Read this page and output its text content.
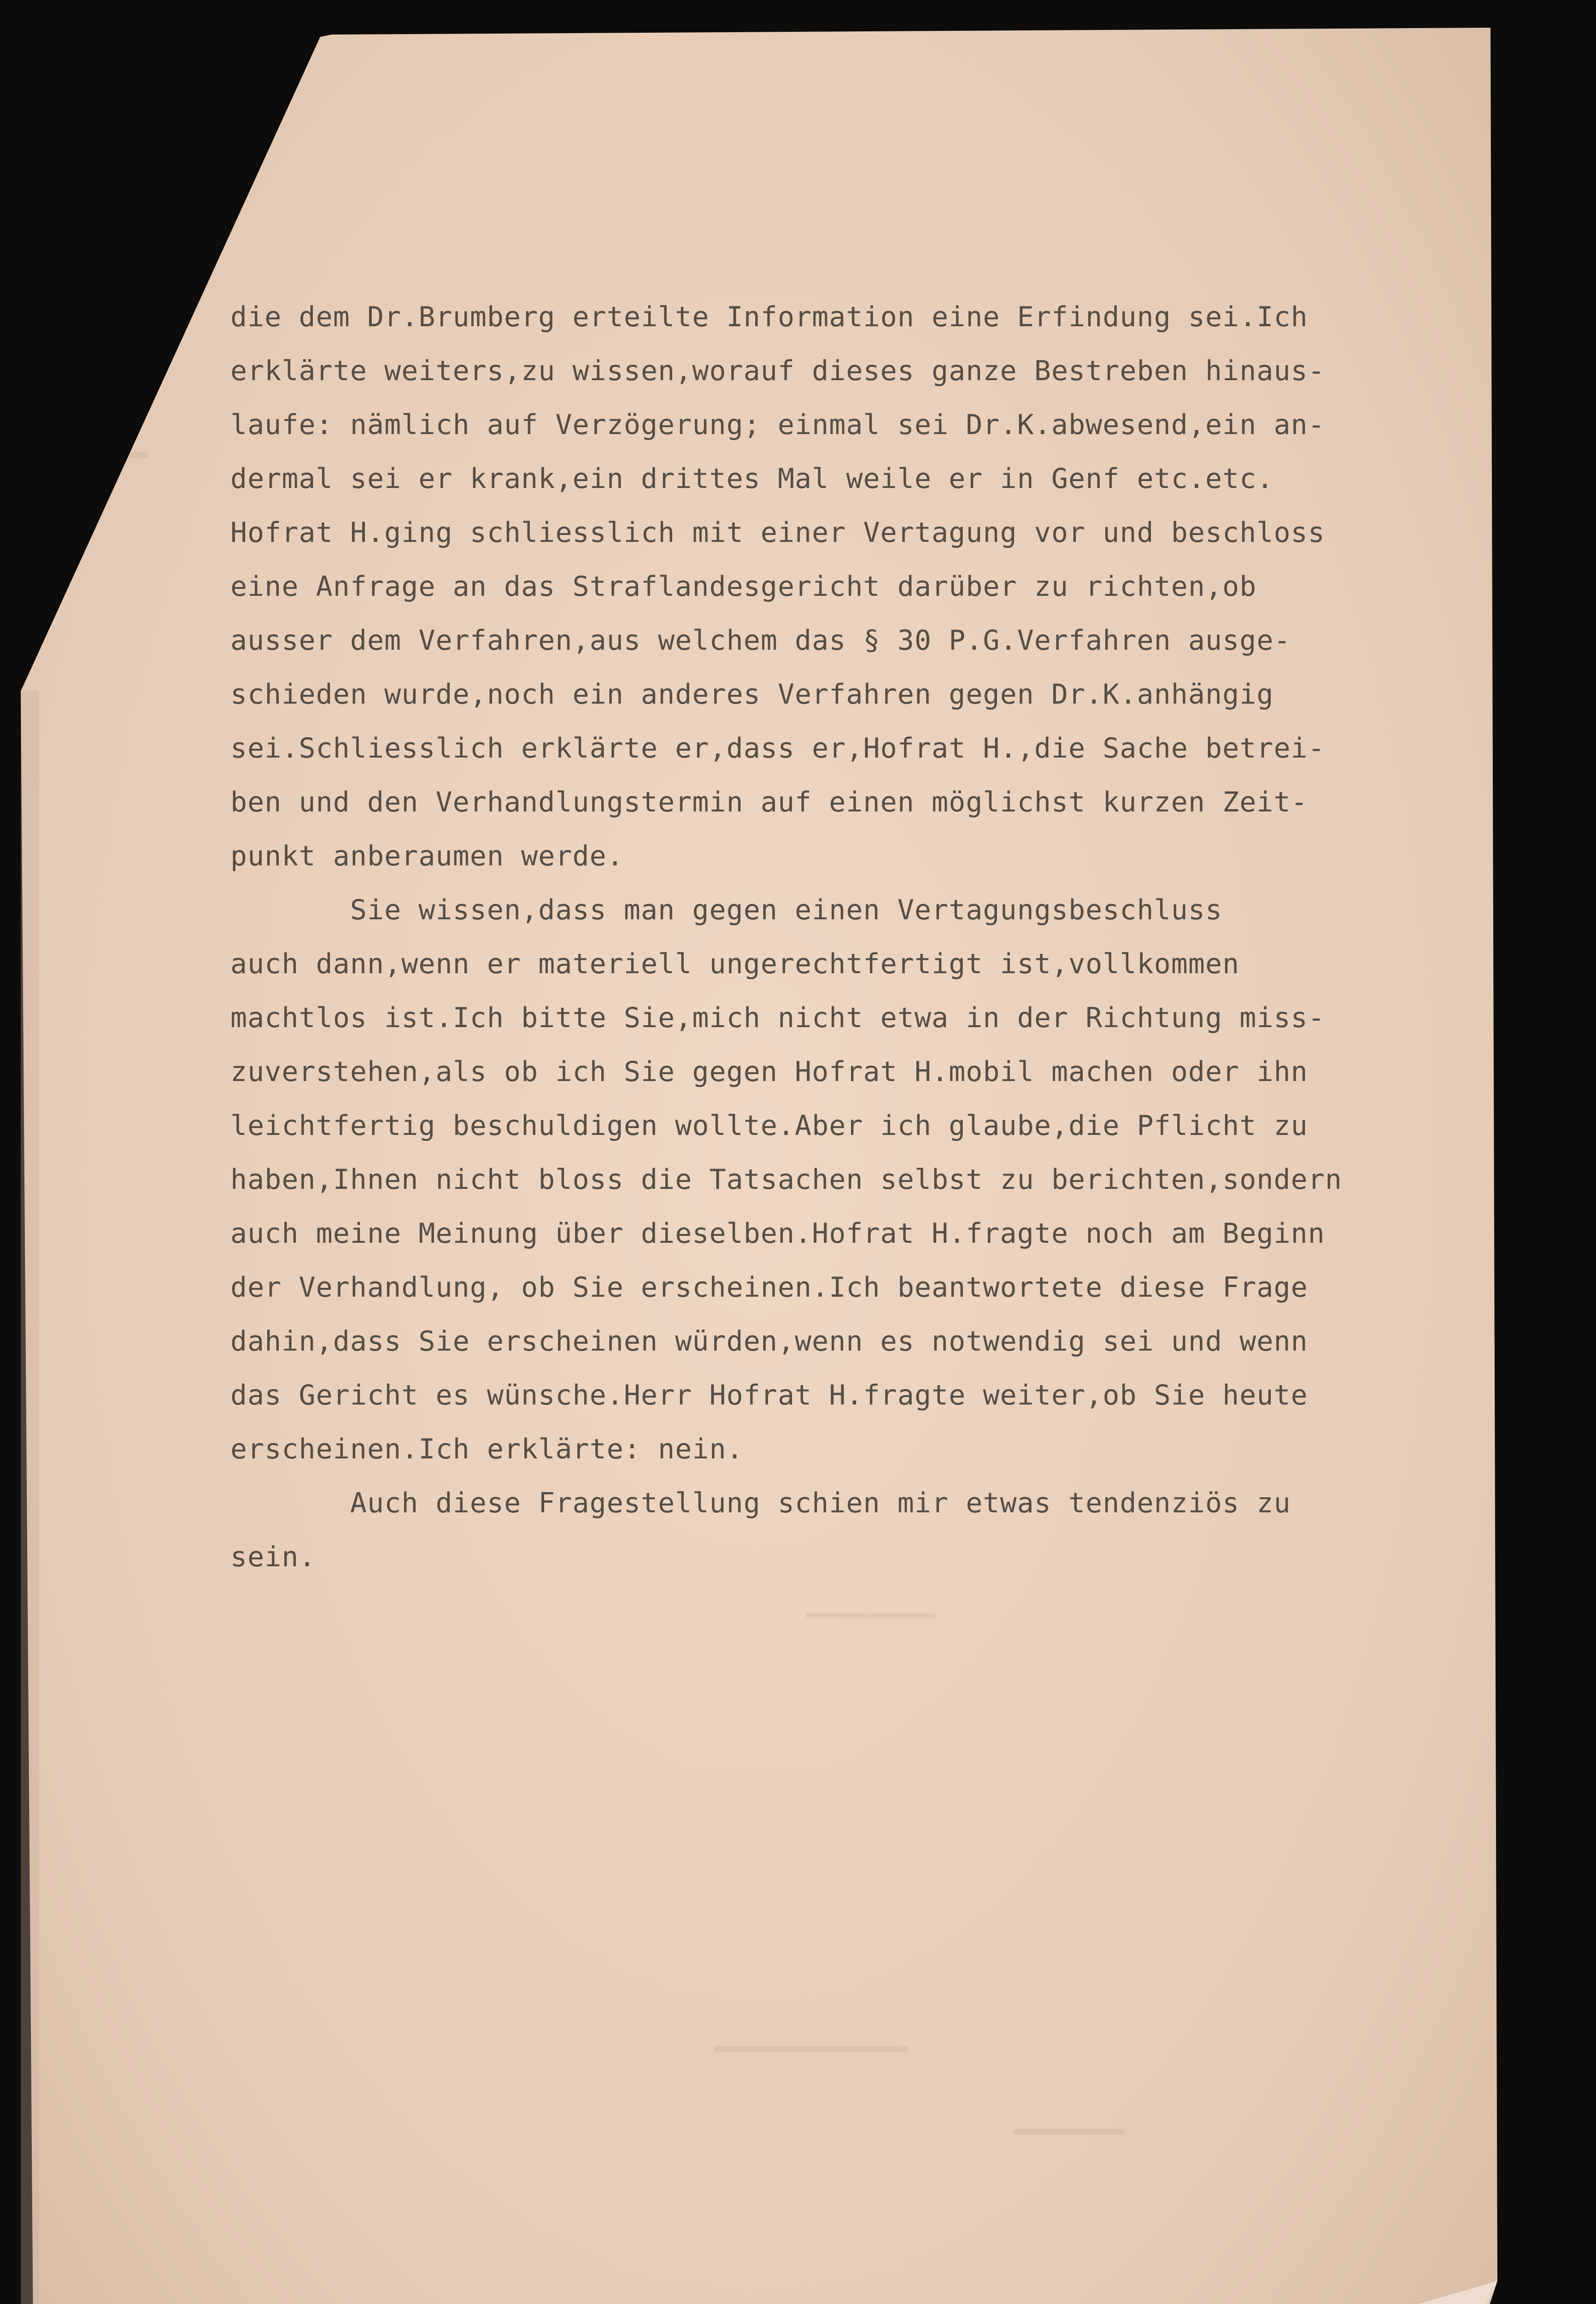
die dem Dr.Brumberg erteilte Information eine Erfindung sei.Ich
erklärte weiters,zu wissen,worauf dieses ganze Bestreben hinaus-
laufe: nämlich auf Verzögerung; einmal sei Dr.K.abwesend,ein an-
dermal sei er krank,ein drittes Mal weile er in Genf etc.etc.
Hofrat H.ging schliesslich mit einer Vertagung vor und beschloss
eine Anfrage an das Straflandesgericht darüber zu richten,ob
ausser dem Verfahren,aus welchem das § 30 P.G.Verfahren ausge-
schieden wurde,noch ein anderes Verfahren gegen Dr.K.anhängig
sei.Schliesslich erklärte er,dass er,Hofrat H.,die Sache betrei-
ben und den Verhandlungstermin auf einen möglichst kurzen Zeit-
punkt anberaumen werde.
Sie wissen,dass man gegen einen Vertagungsbeschluss
auch dann,wenn er materiell ungerechtfertigt ist,vollkommen
machtlos ist.Ich bitte Sie,mich nicht etwa in der Richtung miss-
zuverstehen,als ob ich Sie gegen Hofrat H.mobil machen oder ihn
leichtfertig beschuldigen wollte.Aber ich glaube,die Pflicht zu
haben,Ihnen nicht bloss die Tatsachen selbst zu berichten,sondern
auch meine Meinung über dieselben.Hofrat H.fragte noch am Beginn
der Verhandlung, ob Sie erscheinen.Ich beantwortete diese Frage
dahin,dass Sie erscheinen würden,wenn es notwendig sei und wenn
das Gericht es wünsche.Herr Hofrat H.fragte weiter,ob Sie heute
erscheinen.Ich erklärte: nein.
Auch diese Fragestellung schien mir etwas tendenziös zu
sein.
